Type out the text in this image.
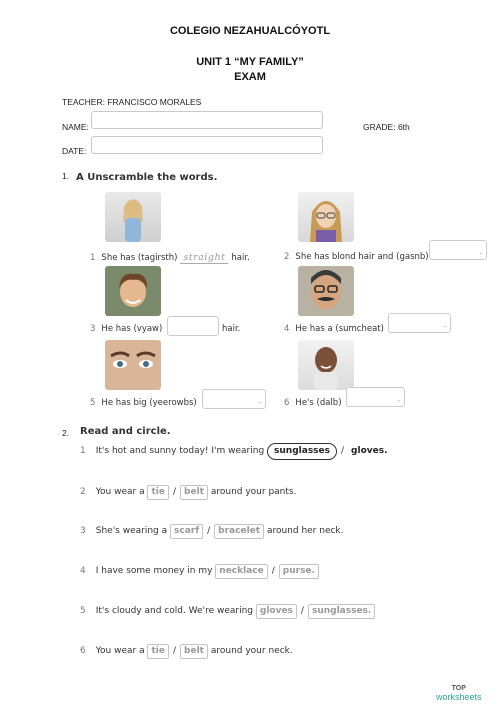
COLEGIO NEZAHUALCÓYOTL
UNIT 1 “MY FAMILY”
EXAM
TEACHER: FRANCISCO MORALES
NAME:	GRADE: 6th
DATE:
1. A Unscramble the words.
1 She has (tagirsth) straight hair.	2 She has blond hair and (gasnb)
.
3 He has (vyaw)	hair.	4 He has a (sumcheat)	.
5 He has big (yeerowbs)	.	6 He's (dalb)	.
2. Read and circle.
1 It's hot and sunny today! I'm wearing sunglasses / gloves.
2 You wear a tie / belt around your pants.
3 She's wearing a scarf / bracelet around her neck.
4 I have some money in my necklace / purse.
5 It's cloudy and cold. We're wearing gloves / sunglasses.
6 You wear a tie / belt around your neck.
TOP
worksheets
